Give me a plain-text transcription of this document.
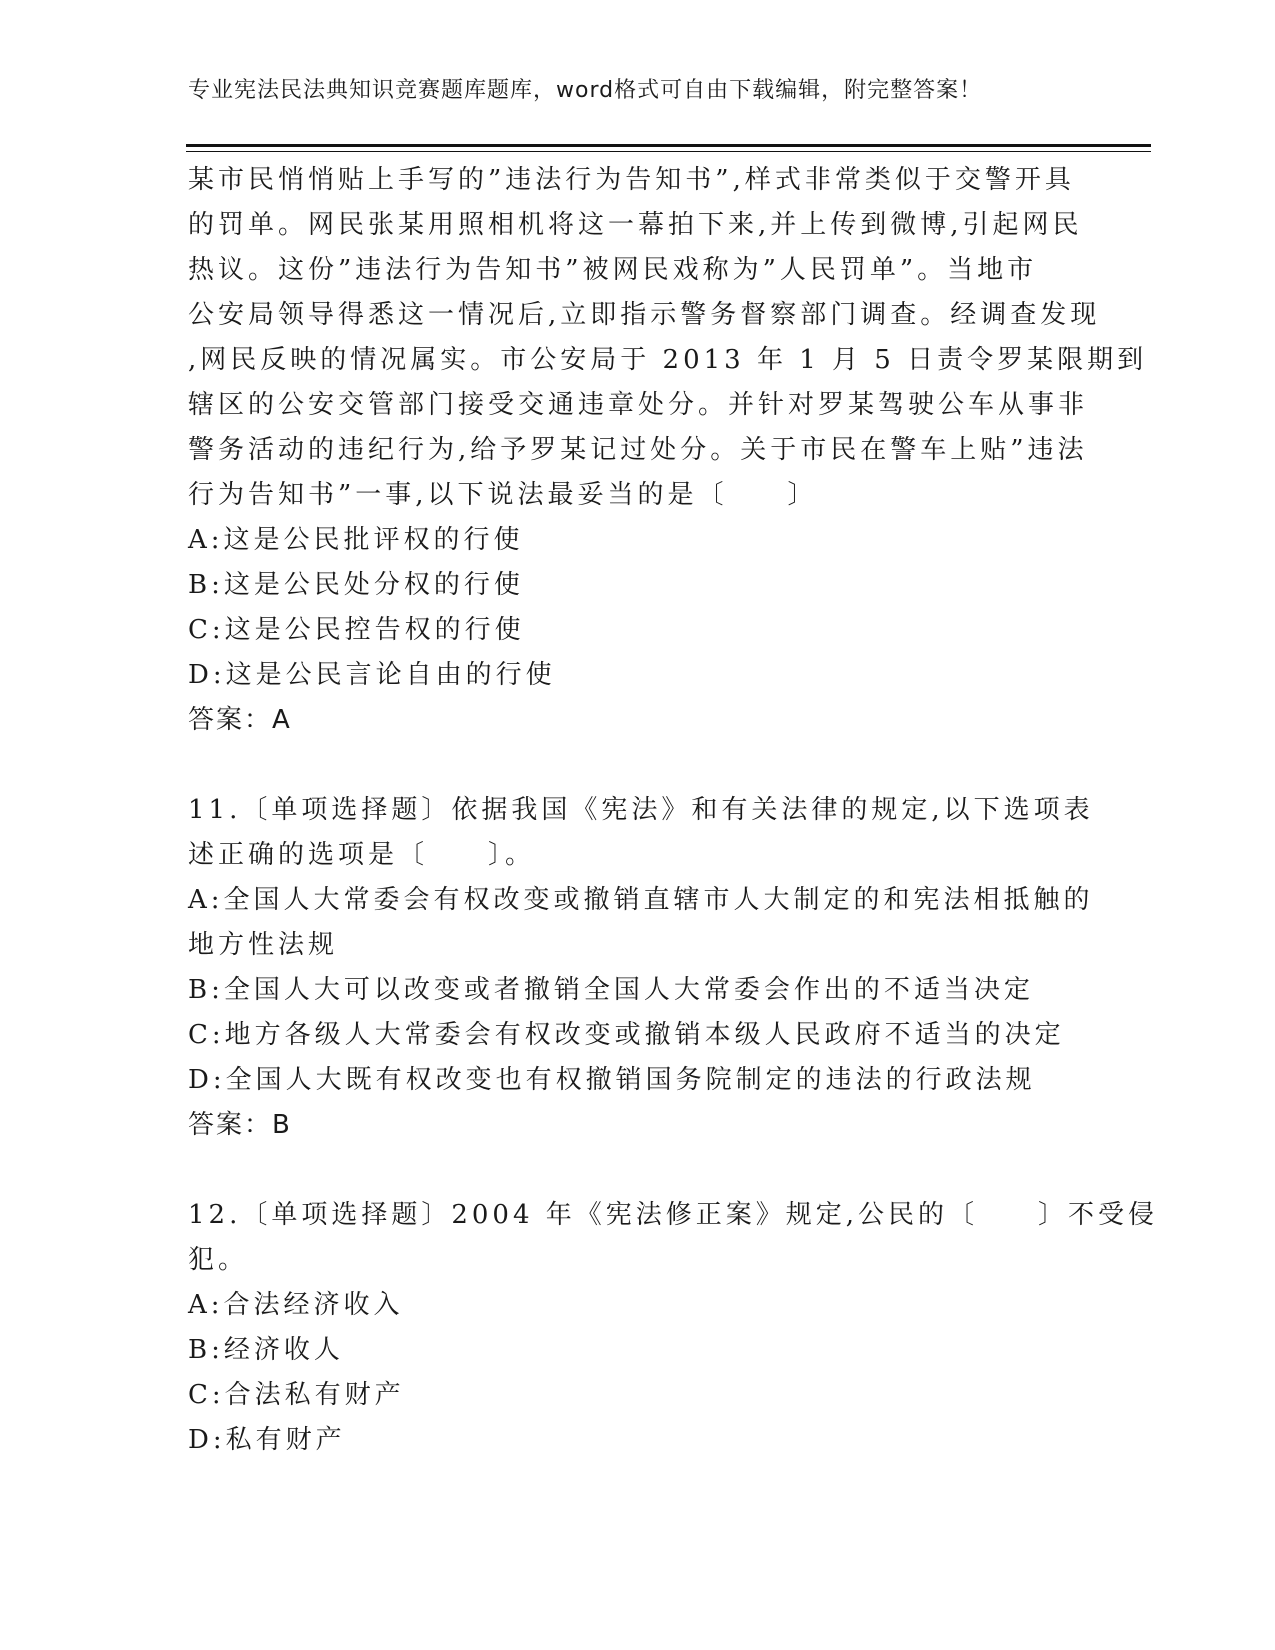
专业宪法民法典知识竞赛题库题库，word格式可自由下载编辑，附完整答案！
某市民悄悄贴上手写的”违法行为告知书”,样式非常类似于交警开具
的罚单。网民张某用照相机将这一幕拍下来,并上传到微博,引起网民
热议。这份”违法行为告知书”被网民戏称为”人民罚单”。当地市
公安局领导得悉这一情况后,立即指示警务督察部门调查。经调查发现
,网民反映的情况属实。市公安局于 2013 年 1 月 5 日责令罗某限期到
辖区的公安交管部门接受交通违章处分。并针对罗某驾驶公车从事非
警务活动的违纪行为,给予罗某记过处分。关于市民在警车上贴”违法
行为告知书”一事,以下说法最妥当的是〔　　〕
A:这是公民批评权的行使
B:这是公民处分权的行使
C:这是公民控告权的行使
D:这是公民言论自由的行使
答案：A
11.〔单项选择题〕依据我国《宪法》和有关法律的规定,以下选项表
述正确的选项是〔　　〕。
A:全国人大常委会有权改变或撤销直辖市人大制定的和宪法相抵触的
地方性法规
B:全国人大可以改变或者撤销全国人大常委会作出的不适当决定
C:地方各级人大常委会有权改变或撤销本级人民政府不适当的决定
D:全国人大既有权改变也有权撤销国务院制定的违法的行政法规
答案：B
12.〔单项选择题〕2004 年《宪法修正案》规定,公民的〔　　〕不受侵
犯。
A:合法经济收入
B:经济收人
C:合法私有财产
D:私有财产
